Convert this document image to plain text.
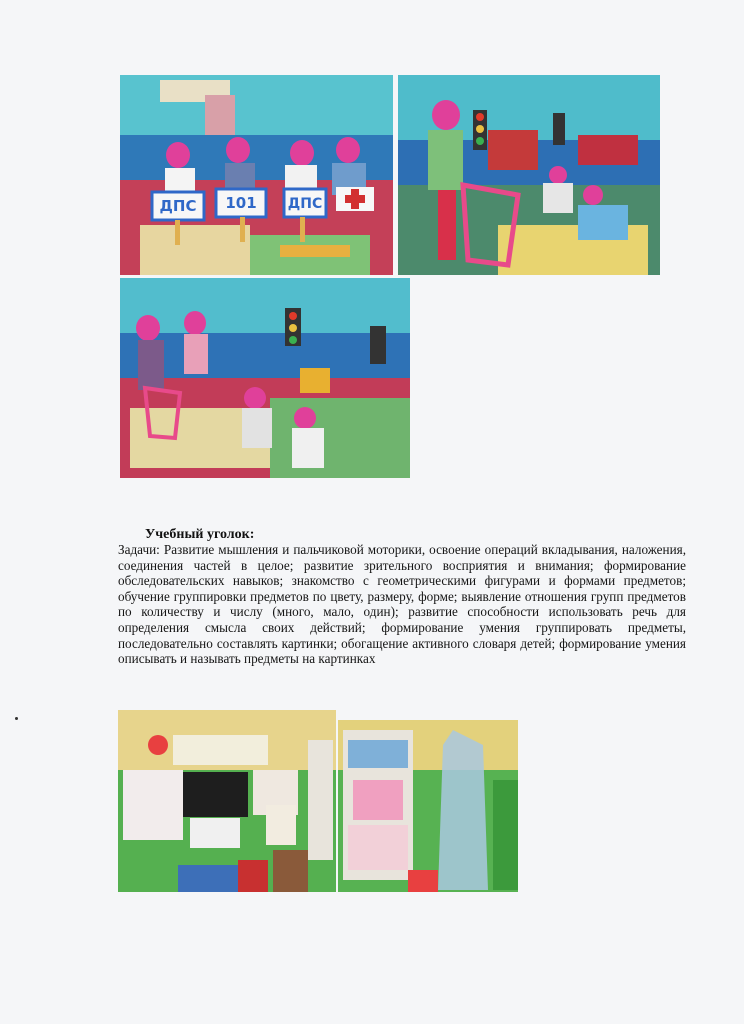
ДПС 101 ДПС
Учебный уголок:

Задачи: Развитие мышления и пальчиковой моторики, освоение операций вкладывания, наложения, соединения частей в целое; развитие зрительного восприятия и внимания; формирование обследовательских навыков; знакомство с геометрическими фигурами и формами предметов; обучение группировки предметов по цвету, размеру, форме; выявление отношения групп предметов по количеству и числу (много, мало, один); развитие способности использовать речь для определения смысла своих действий; формирование умения группировать предметы, последовательно составлять картинки; обогащение активного словаря детей; формирование умения описывать и называть предметы на картинках
